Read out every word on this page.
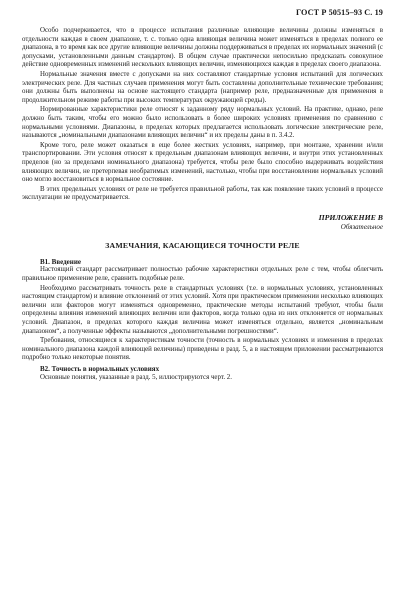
ГОСТ Р 50515–93 С. 19

Особо подчеркивается, что в процессе испытания различные влияющие величины должны изменяться в отдельности каждая в своем диапазоне, т. с. только одна влияющая величина может изменяться в пределах полного ее диапазона, в то время как все другие влияющие величины должны поддерживаться в пределах их нормальных значений (с допусками, установленными данным стандартом). В общем случае практически непосильно предсказать совокупное действие одновременных изменений нескольких влияющих величин, изменяющихся каждая в пределах своего диапазона.

Нормальные значения вместе с допусками на них составляют стандартные условия испытаний для логических электрических реле. Для частных случаев применения могут быть составлены дополнительные технические требования; они должны быть выполнены на основе настоящего стандарта (например реле, предназначенные для применения в продолжительном режиме работы при высоких температурах окружающей среды).

Нормированные характеристики реле относят к заданному ряду нормальных условий. На практике, однако, реле должно быть таким, чтобы его можно было использовать в более широких условиях применения по сравнению с нормальными условиями. Диапазоны, в пределах которых предлагается использовать логические электрические реле, называются „номинальными диапазонами влияющих величин“ и их пределы даны в п. 3.4.2.

Кроме того, реле может оказаться в еще более жестких условиях, например, при монтаже, хранении и/или транспортировании. Эти условия относят к предельным диапазонам влияющих величин, и внутри этих установленных пределов (но за пределами номинального диапазона) требуется, чтобы реле было способно выдерживать воздействия влияющих величин, не претерпевая необратимых изменений, настолько, чтобы при восстановлении нормальных условий оно могло восстановиться в нормальное состояние.

В этих предельных условиях от реле не требуется правильной работы, так как появление таких условий в процессе эксплуатации не предусматривается.

ПРИЛОЖЕНИЕ В
Обязательное
ЗАМЕЧАНИЯ, КАСАЮЩИЕСЯ ТОЧНОСТИ РЕЛЕ
В1. Введение

Настоящий стандарт рассматривает полностью рабочие характеристики отдельных реле с тем, чтобы облегчить правильное применение реле, сравнить подобные реле.

Необходимо рассматривать точность реле в стандартных условиях (т.е. в нормальных условиях, установленных настоящим стандартом) и влияние отклонений от этих условий. Хотя при практическом применении несколько влияющих величин или факторов могут изменяться одновременно, практические методы испытаний требуют, чтобы были определены влияния изменений влияющих величин или факторов, когда только одна из них отклоняется от нормальных условий. Диапазон, в пределах которого каждая величина может изменяться отдельно, является „номинальным диапазоном“, а полученные эффекты называются „дополнительными погрешностями“.

Требования, относящиеся к характеристикам точности (точность в нормальных условиях и изменения в пределах номинального диапазона каждой влияющей величины) приведены в разд. 5, а в настоящем приложении рассматриваются подробно только некоторые понятия.

В2. Точность в нормальных условиях

Основные понятия, указанные в разд. 5, иллюстрируются черт. 2.
